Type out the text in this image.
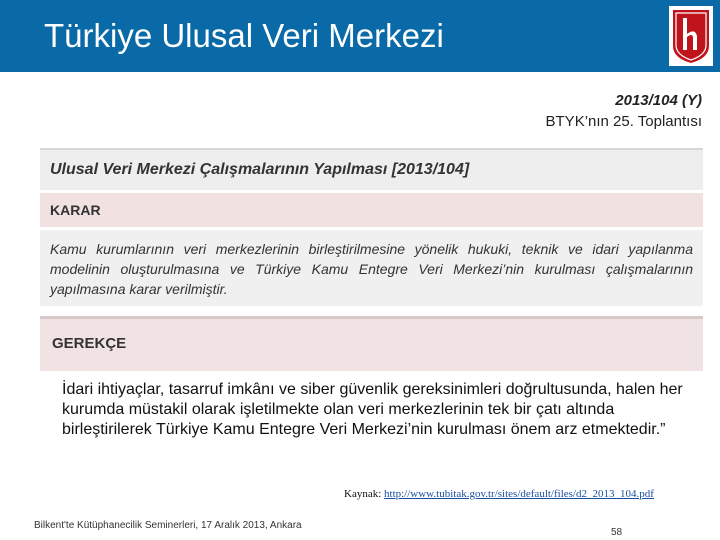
Türkiye Ulusal Veri Merkezi
2013/104 (Y)
BTYK’nın 25. Toplantısı
Ulusal Veri Merkezi Çalışmalarının Yapılması [2013/104]
KARAR

Kamu kurumlarının veri merkezlerinin birleştirilmesine yönelik hukuki, teknik ve idari yapılanma modelinin oluşturulmasına ve Türkiye Kamu Entegre Veri Merkezi’nin kurulması çalışmalarının yapılmasına karar verilmiştir.

GEREKÇE

İdari ihtiyaçlar, tasarruf imkânı ve siber güvenlik gereksinimleri doğrultusunda, halen her kurumda müstakil olarak işletilmekte olan veri merkezlerinin tek bir çatı altında birleştirilerek Türkiye Kamu Entegre Veri Merkezi’nin kurulması önem arz etmektedir.”

Kaynak: http://www.tubitak.gov.tr/sites/default/files/d2_2013_104.pdf
Bilkent'te Kütüphanecilik Seminerleri, 17 Aralık 2013, Ankara
58
